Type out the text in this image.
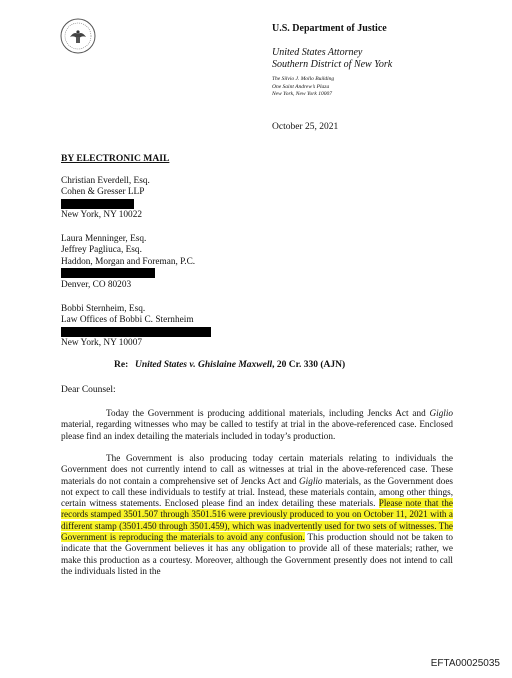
U.S. Department of Justice
United States Attorney
Southern District of New York
The Silvio J. Mollo Building
One Saint Andrew’s Plaza
New York, New York 10007
October 25, 2021
BY ELECTRONIC MAIL
Christian Everdell, Esq.
Cohen & Gresser LLP
New York, NY 10022
Laura Menninger, Esq.
Jeffrey Pagliuca, Esq.
Haddon, Morgan and Foreman, P.C.
Denver, CO 80203
Bobbi Sternheim, Esq.
Law Offices of Bobbi C. Sternheim
New York, NY 10007
Re: United States v. Ghislaine Maxwell, 20 Cr. 330 (AJN)
Dear Counsel:

Today the Government is producing additional materials, including Jencks Act and Giglio material, regarding witnesses who may be called to testify at trial in the above-referenced case. Enclosed please find an index detailing the materials included in today’s production.

The Government is also producing today certain materials relating to individuals the Government does not currently intend to call as witnesses at trial in the above-referenced case. These materials do not contain a comprehensive set of Jencks Act and Giglio materials, as the Government does not expect to call these individuals to testify at trial. Instead, these materials contain, among other things, certain witness statements. Enclosed please find an index detailing these materials. Please note that the records stamped 3501.507 through 3501.516 were previously produced to you on October 11, 2021 with a different stamp (3501.450 through 3501.459), which was inadvertently used for two sets of witnesses. The Government is reproducing the materials to avoid any confusion. This production should not be taken to indicate that the Government believes it has any obligation to provide all of these materials; rather, we make this production as a courtesy. Moreover, although the Government presently does not intend to call the individuals listed in the

EFTA00025035
